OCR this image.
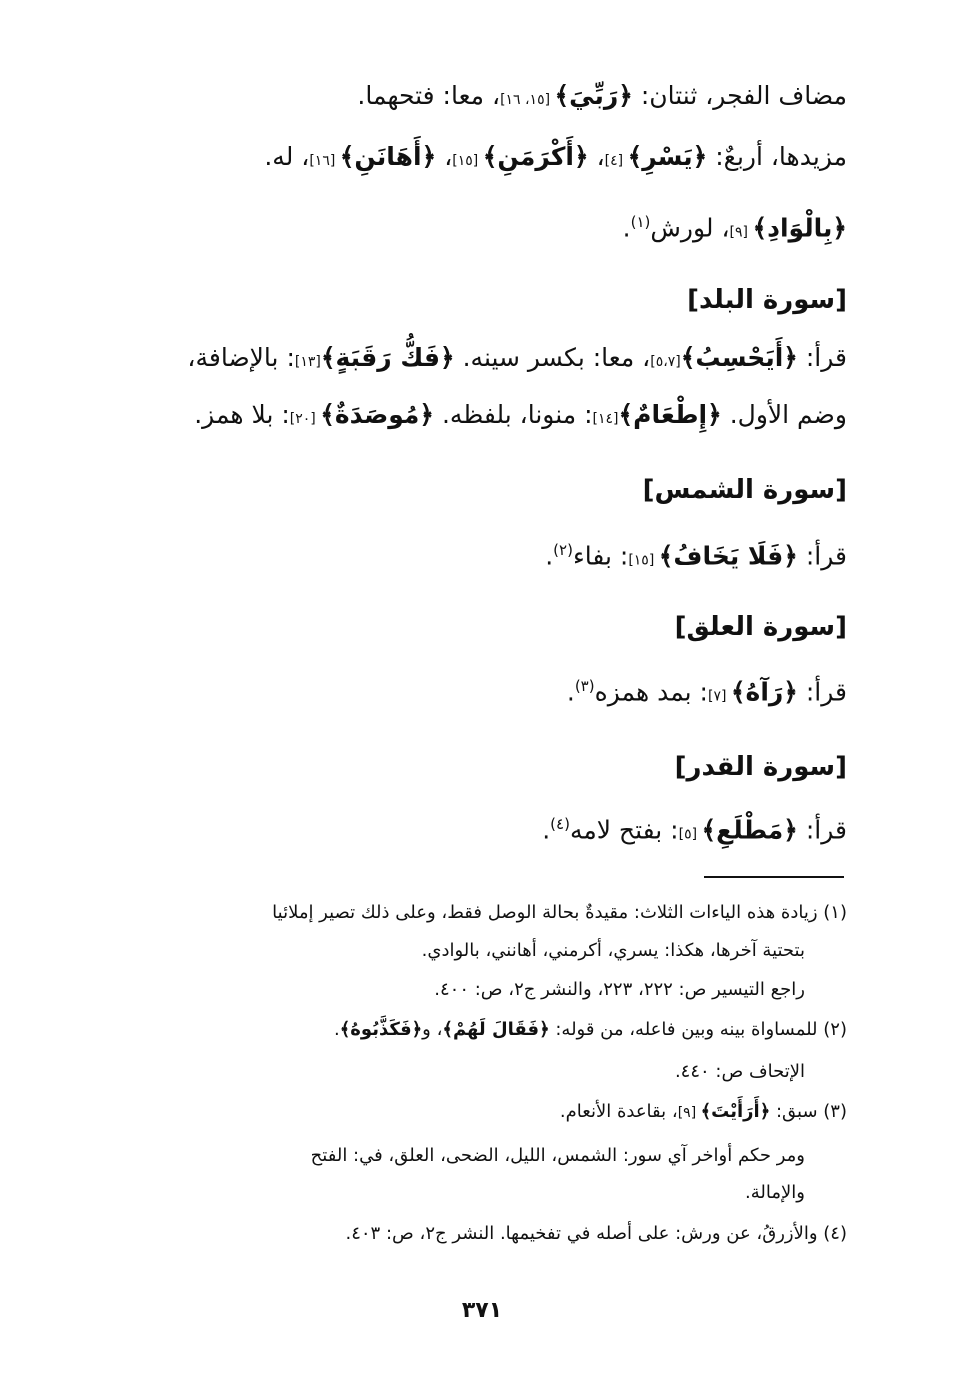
مضاف الفجر، ثنتان: ﴿رَبِّيَ﴾ [١٥، ١٦]، معا: فتحهما.
مزيدها، أربعٌ: ﴿يَسْرِ﴾ [٤]، ﴿أَكْرَمَنِ﴾ [١٥]، ﴿أَهَانَنِ﴾ [١٦]، له.
﴿بِالْوَادِ﴾ [٩]، لورش$^{(١)}$.
[سورة البلد]
قرأ: ﴿أَيَحْسِبُ﴾[٥،٧]، معا: بكسر سينه. ﴿فَكُّ رَقَبَةٍ﴾[١٣]: بالإضافة،
وضم الأول. ﴿إِطْعَامٌ﴾[١٤]: منونا، بلفظه. ﴿مُوصَدَةٌ﴾ [٢٠]: بلا همز.
[سورة الشمس]
قرأ: ﴿فَلَا يَخَافُ﴾ [١٥]: بفاء$^{(٢)}$.
[سورة العلق]
قرأ: ﴿رَآهُ﴾ [٧]: بمد همزه$^{(٣)}$.
[سورة القدر]
قرأ: ﴿مَطْلَعِ﴾ [٥]: بفتح لامه$^{(٤)}$.
(١) زيادة هذه الياءات الثلاث: مقيدةٌ بحالة الوصل فقط، وعلى ذلك تصير إملائيا
بتحتية آخرها، هكذا: يسري، أكرمني، أهانني، بالوادي.
راجع التيسير ص: ٢٢٢، ٢٢٣، والنشر ج٢، ص: ٤٠٠.
(٢) للمساواة بينه وبين فاعله، من قوله: ﴿فَقَالَ لَهُمْ﴾، و﴿فَكَذَّبُوهُ﴾.
الإتحاف ص: ٤٤٠.
(٣) سبق: ﴿أَرَأَيْتَ﴾ [٩]، بقاعدة الأنعام.
ومر حكم أواخر آي سور: الشمس، الليل، الضحى، العلق، في: الفتح
والإمالة.
(٤) والأزرقُ، عن ورش: على أصله في تفخيمها. النشر ج٢، ص: ٤٠٣.
٣٧١
